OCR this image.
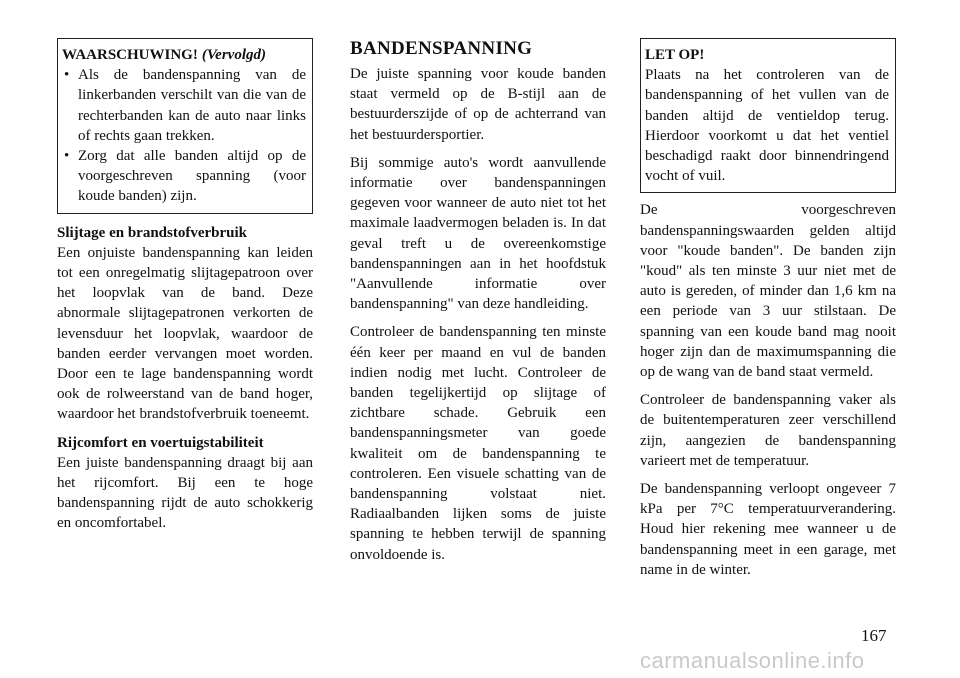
WAARSCHUWING! (Vervolgd)
• Als de bandenspanning van de linkerbanden verschilt van die van de rechterbanden kan de auto naar links of rechts gaan trekken.
• Zorg dat alle banden altijd op de voorgeschreven spanning (voor koude banden) zijn.

Slijtage en brandstofverbruik
Een onjuiste bandenspanning kan leiden tot een onregelmatig slijtagepatroon over het loopvlak van de band. Deze abnormale slijtagepatronen verkorten de levensduur het loopvlak, waardoor de banden eerder vervangen moet worden. Door een te lage bandenspanning wordt ook de rolweerstand van de band hoger, waardoor het brandstofverbruik toeneemt.

Rijcomfort en voertuigstabiliteit
Een juiste bandenspanning draagt bij aan het rijcomfort. Bij een te hoge bandenspanning rijdt de auto schokkerig en oncomfortabel.

BANDENSPANNING

De juiste spanning voor koude banden staat vermeld op de B-stijl aan de bestuurderszijde of op de achterrand van het bestuurdersportier.

Bij sommige auto's wordt aanvullende informatie over bandenspanningen gegeven voor wanneer de auto niet tot het maximale laadvermogen beladen is. In dat geval treft u de overeenkomstige bandenspanningen aan in het hoofdstuk "Aanvullende informatie over bandenspanning" van deze handleiding.

Controleer de bandenspanning ten minste één keer per maand en vul de banden indien nodig met lucht. Controleer de banden tegelijkertijd op slijtage of zichtbare schade. Gebruik een bandenspanningsmeter van goede kwaliteit om de bandenspanning te controleren. Een visuele schatting van de bandenspanning volstaat niet. Radiaalbanden lijken soms de juiste spanning te hebben terwijl de spanning onvoldoende is.

LET OP!
Plaats na het controleren van de bandenspanning of het vullen van de banden altijd de ventieldop terug. Hierdoor voorkomt u dat het ventiel beschadigd raakt door binnendringend vocht of vuil.

De voorgeschreven bandenspanningswaarden gelden altijd voor "koude banden". De banden zijn "koud" als ten minste 3 uur niet met de auto is gereden, of minder dan 1,6 km na een periode van 3 uur stilstaan. De spanning van een koude band mag nooit hoger zijn dan de maximumspanning die op de wang van de band staat vermeld.

Controleer de bandenspanning vaker als de buitentemperaturen zeer verschillend zijn, aangezien de bandenspanning varieert met de temperatuur.

De bandenspanning verloopt ongeveer 7 kPa per 7°C temperatuurverandering. Houd hier rekening mee wanneer u de bandenspanning meet in een garage, met name in de winter.

167
carmanualsonline.info
